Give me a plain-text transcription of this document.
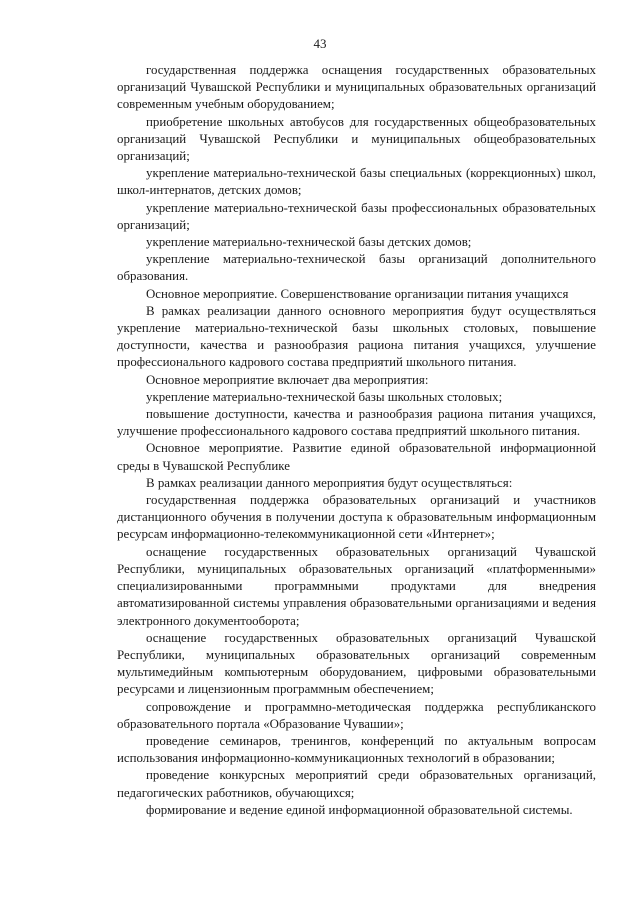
43

государственная поддержка оснащения государственных образовательных организаций Чувашской Республики и муниципальных образовательных организаций современным учебным оборудованием;

приобретение школьных автобусов для государственных общеобразовательных организаций Чувашской Республики и муниципальных общеобразовательных организаций;

укрепление материально-технической базы специальных (коррекционных) школ, школ-интернатов, детских домов;

укрепление материально-технической базы профессиональных образовательных организаций;

укрепление материально-технической базы детских домов;

укрепление материально-технической базы организаций дополнительного образования.

Основное мероприятие. Совершенствование организации питания учащихся

В рамках реализации данного основного мероприятия будут осуществляться укрепление материально-технической базы школьных столовых, повышение доступности, качества и разнообразия рациона питания учащихся, улучшение профессионального кадрового состава предприятий школьного питания.

Основное мероприятие включает два мероприятия:

укрепление материально-технической базы школьных столовых;

повышение доступности, качества и разнообразия рациона питания учащихся, улучшение профессионального кадрового состава предприятий школьного питания.

Основное мероприятие. Развитие единой образовательной информационной среды в Чувашской Республике

В рамках реализации данного мероприятия будут осуществляться:

государственная поддержка образовательных организаций и участников дистанционного обучения в получении доступа к образовательным информационным ресурсам информационно-телекоммуникационной сети «Интернет»;

оснащение государственных образовательных организаций Чувашской Республики, муниципальных образовательных организаций «платформенными» специализированными программными продуктами для внедрения автоматизированной системы управления образовательными организациями и ведения электронного документооборота;

оснащение государственных образовательных организаций Чувашской Республики, муниципальных образовательных организаций современным мультимедийным компьютерным оборудованием, цифровыми образовательными ресурсами и лицензионным программным обеспечением;

сопровождение и программно-методическая поддержка республиканского образовательного портала «Образование Чувашии»;

проведение семинаров, тренингов, конференций по актуальным вопросам использования информационно-коммуникационных технологий в образовании;

проведение конкурсных мероприятий среди образовательных организаций, педагогических работников, обучающихся;

формирование и ведение единой информационной образовательной системы.
